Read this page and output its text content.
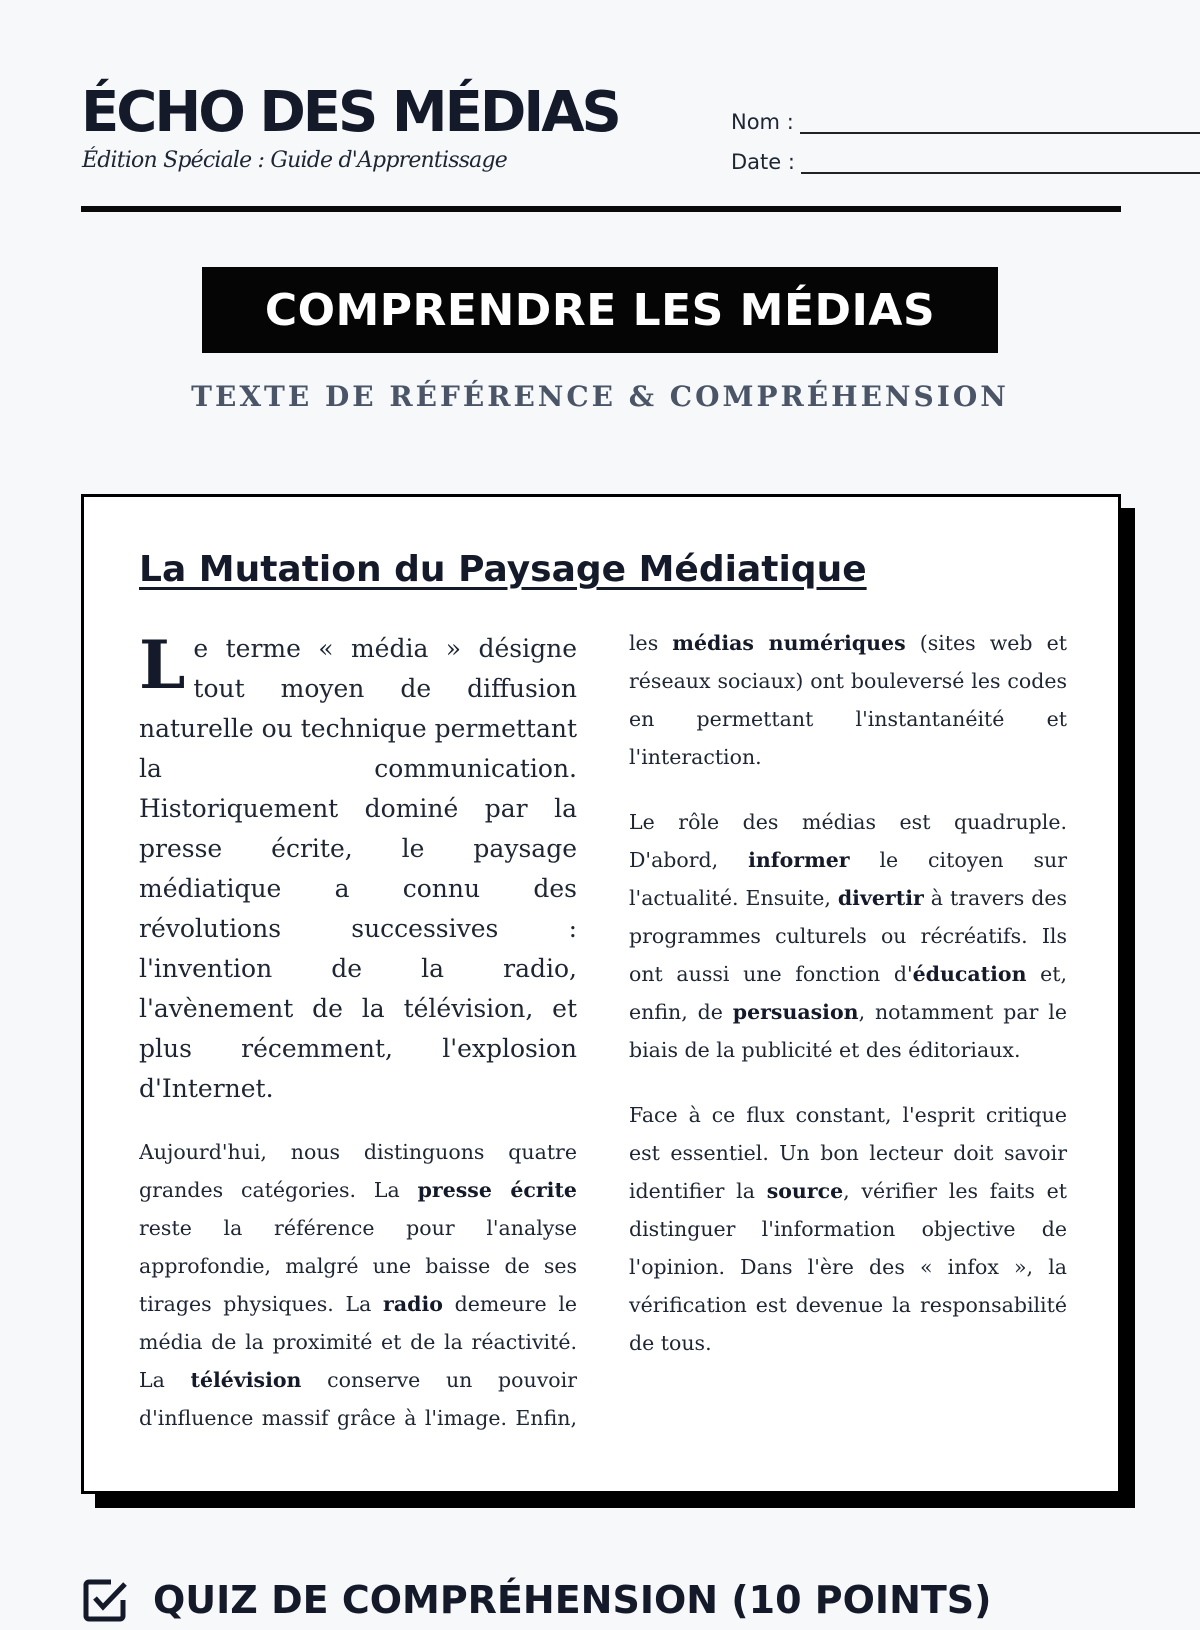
ÉCHO DES MÉDIAS
Édition Spéciale : Guide d'Apprentissage
Nom :
Date :
COMPRENDRE LES MÉDIAS
TEXTE DE RÉFÉRENCE & COMPRÉHENSION
La Mutation du Paysage Médiatique

Le terme « média » désigne tout moyen de diffusion naturelle ou technique permettant la communication. Historiquement dominé par la presse écrite, le paysage médiatique a connu des révolutions successives : l'invention de la radio, l'avènement de la télévision, et plus récemment, l'explosion d'Internet.

Aujourd'hui, nous distinguons quatre grandes catégories. La presse écrite reste la référence pour l'analyse approfondie, malgré une baisse de ses tirages physiques. La radio demeure le média de la proximité et de la réactivité. La télévision conserve un pouvoir d'influence massif grâce à l'image. Enfin,

les médias numériques (sites web et réseaux sociaux) ont bouleversé les codes en permettant l'instantanéité et l'interaction.

Le rôle des médias est quadruple. D'abord, informer le citoyen sur l'actualité. Ensuite, divertir à travers des programmes culturels ou récréatifs. Ils ont aussi une fonction d'éducation et, enfin, de persuasion, notamment par le biais de la publicité et des éditoriaux.

Face à ce flux constant, l'esprit critique est essentiel. Un bon lecteur doit savoir identifier la source, vérifier les faits et distinguer l'information objective de l'opinion. Dans l'ère des « infox », la vérification est devenue la responsabilité de tous.

QUIZ DE COMPRÉHENSION (10 POINTS)
